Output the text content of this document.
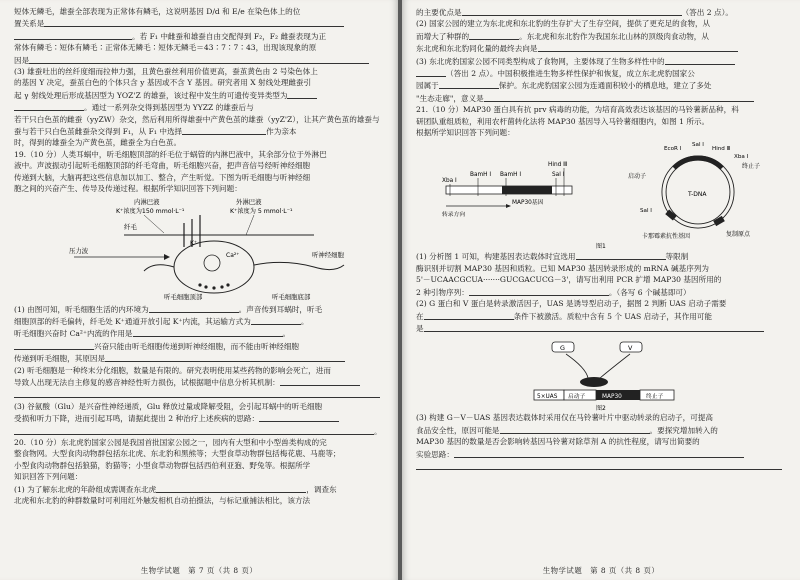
短体无鳞毛，雄蚕全部表现为正常体有鳞毛，这说明基因 D/d 和 E/e 在染色体上的位

置关系是

。若 F₁ 中雌蚕和雄蚕自由交配得到 F₂，F₂ 雌蚕表现为正

常体有鳞毛∶短体有鳞毛∶正常体无鳞毛∶短体无鳞毛＝43∶7∶7∶43，出现该现象的原

因是

(3) 雄蚕吐出的丝纤度细而拉伸力强，且黄色蚕丝利用价值更高，蚕茧黄色由 2 号染色体上

的基因 Y 决定，蚕茧白色的个体只含 y 基因或不含 Y 基因。研究者用 X 射线处理雌蚕引

起 γ 射线处理后形成基因型为 YOZ'Z 的雄蚕，该过程中发生的可遗传变异类型为

。通过一系列杂交得到基因型为 YYZZ 的雄蚕后与

若干只白色茧的雌蚕（yyZW）杂交，然后利用所得雄蚕中产黄色茧的雄蚕（yyZ'Z），让其产黄色茧的雄蚕与

蚕与若干只白色茧雌蚕杂交得到 F₁，从 F₁ 中选择	作为亲本

时，得到的雄蚕全为产黄色茧，雌蚕全为白色茧。

19.（10 分）人类耳蜗中，听毛细胞顶部的纤毛位于蜗管的内淋巴液中，其余部分位于外淋巴

液中。声波振动引起听毛细胞顶部的纤毛弯曲，听毛细胞兴奋，把声音信号经听神经细胞

传递到大脑，大脑再把这些信息加以加工、整合，产生听觉。下图为听毛细胞与听神经细

胞之间的兴奋产生、传导及传递过程。根据所学知识回答下列问题：

内淋巴液
K⁺浓度为150 mmol·L⁻¹
外淋巴液
K⁺浓度为 5 mmol·L⁻¹
纤毛
Ca²⁺
K⁺
听神经细胞
压力波
听毛细胞顶部	听毛细胞底部

(1) 由图可知，听毛细胞生活的内环境为	。声音传到耳蜗时，听毛

细胞顶部的纤毛偏转，纤毛处 K⁺通道开放引起 K⁺内流，其运输方式为	。

听毛细胞兴奋时 Ca²⁺内流的作用是	。

兴奋只能由听毛细胞传递到听神经细胞，而不能由听神经细胞

传递到听毛细胞，其原因是

(2) 听毛细胞是一种终末分化细胞，数量是有限的。研究表明使用某些药物的影响会死亡，进而

导致人出现无法自主修复的感音神经性听力损伤，试根据题中信息分析其机制：

(3) 谷氨酸（Glu）是兴奋性神经递质，Glu 释放过量或降解受阻，会引起耳蜗中的听毛细胞

受损和听力下降，进而引起耳鸣，请据此提出 2 种治疗上述疾病的思路：

。

20.（10 分）东北虎豹国家公园是我国首批国家公园之一，园内有大型和中小型兽类构成的完

整食物网。大型食肉动物群包括东北虎、东北豹和黑熊等；大型食草动物群包括梅花鹿、马鹿等；

小型食肉动物群包括狼猫，豹猫等；小型食草动物群包括西伯利亚狍、野兔等。根据所学

知识回答下列问题：

(1) 为了解东北虎的年龄组成需调查东北虎	，调查东

北虎和东北豹的种群数量时可利用红外触发相机自动拍摄法，与标记重捕法相比，该方法

生物学试题　第 7 页（共 8 页）

的主要优点是	（答出 2 点）。

(2) 国家公园的建立为东北虎和东北豹的生存扩大了生存空间，提供了更充足的食物，从

而增大了种群的	。东北虎和东北豹作为我国东北山林的顶级肉食动物，从

东北虎和东北豹同化量的最终去向是

(3) 东北虎豹国家公园不同类型构成了食物网，主要体现了生物多样性中的

（答出 2 点）。中国积极推进生物多样性保护和恢复，成立东北虎豹国家公

园属于	保护。东北虎豹国家公园为连通面积较小的栖息地，建立了多处

"生态走廊"，意义是

21.（10 分）MAP30 蛋白具有抗 prv 病毒的功能，为培育高效表达该基因的马铃薯新品种，科

研团队重组质粒，利用农杆菌转化法将 MAP30 基因导入马铃薯细胞内，如图 1 所示。

根据所学知识回答下列问题：

Xba Ⅰ
BamH Ⅰ BamH Ⅰ
Hind Ⅲ
Sal Ⅰ
转录方向
MAP30基因
T-DNA
EcoR Ⅰ
Sal Ⅰ
Hind Ⅲ
Xba Ⅰ
终止子
启动子
Sal Ⅰ
复制原点
卡那霉素抗性基因
图1

(1) 分析图 1 可知，构建基因表达载体时宜选用	等限制

酶识别并切割 MAP30 基因和质粒。已知 MAP30 基因转录形成的 mRNA 碱基序列为

5'－UCAACGCUA·······GUCGACUCG－3'，请写出利用 PCR 扩增 MAP30 基因所用的

2 种引物序列：	。（各写 6 个碱基即可）

(2) G 蛋白和 V 蛋白是转录激活因子，UAS 是诱导型启动子，据图 2 判断 UAS 启动子需要

在	条件下被激活。质粒中含有 5 个 UAS 启动子，其作用可能

是

G	V
5×UAS 启动子	MAP30	终止子
图2

(3) 构建 G－V－UAS 基因表达载体时采用仅在马铃薯叶片中驱动转录的启动子，可提高

食品安全性，原因可能是	。要探究增加转入的

MAP30 基因的数量是否会影响转基因马铃薯对除草剂 A 的抗性程度，请写出简要的

实验思路：

生物学试题　第 8 页（共 8 页）
